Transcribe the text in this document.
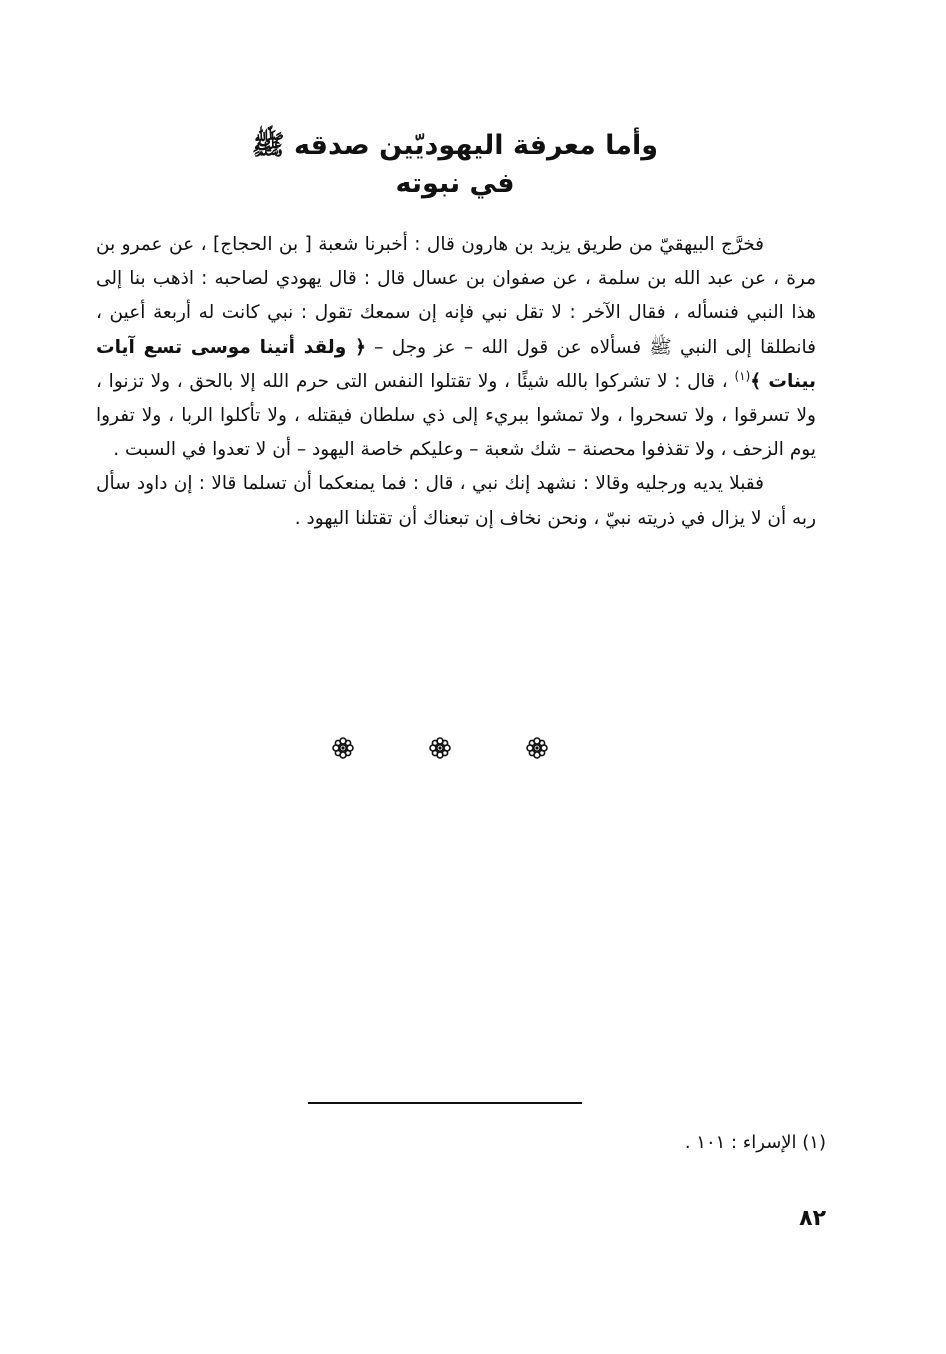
وأما معرفة اليهوديّين صدقه ﷺ
في نبوته

فخرَّج البيهقيّ من طريق يزيد بن هارون قال : أخبرنا شعبة [ بن الحجاج] ، عن عمرو بن مرة ، عن عبد الله بن سلمة ، عن صفوان بن عسال قال : قال يهودي لصاحبه : اذهب بنا إلى هذا النبي فنسأله ، فقال الآخر : لا تقل نبي فإنه إن سمعك تقول : نبي كانت له أربعة أعين ، فانطلقا إلى النبي ﷺ فسألاه عن قول الله – عز وجل – ﴿ ولقد أتينا موسى تسع آيات بينات ﴾$^{(١)}$ ، قال : لا تشركوا بالله شيئًا ، ولا تقتلوا النفس التى حرم الله إلا بالحق ، ولا تزنوا ، ولا تسرقوا ، ولا تسحروا ، ولا تمشوا ببريء إلى ذي سلطان فيقتله ، ولا تأكلوا الربا ، ولا تفروا يوم الزحف ، ولا تقذفوا محصنة – شك شعبة – وعليكم خاصة اليهود – أن لا تعدوا في السبت .

فقبلا يديه ورجليه وقالا : نشهد إنك نبي ، قال : فما يمنعكما أن تسلما قالا : إن داود سأل ربه أن لا يزال في ذريته نبيّ ، ونحن نخاف إن تبعناك أن تقتلنا اليهود .

(١) الإسراء : ١٠١ .
٨٢
